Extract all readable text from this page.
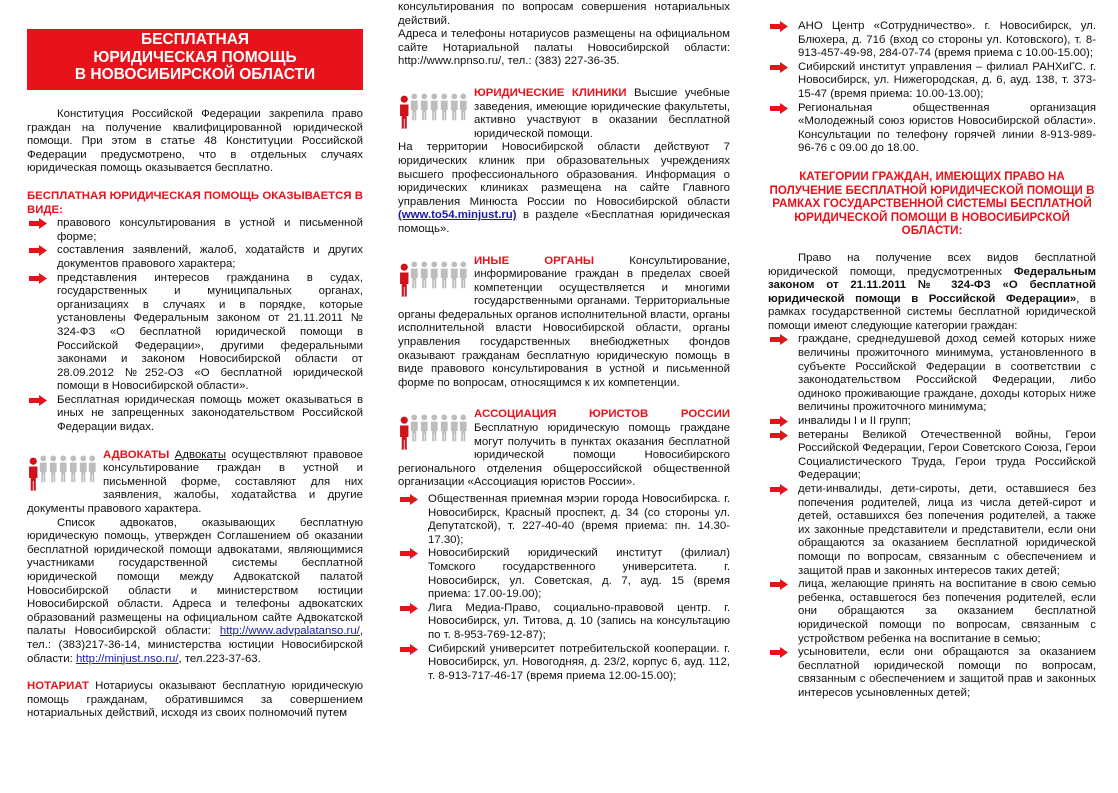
БЕСПЛАТНАЯ
ЮРИДИЧЕСКАЯ ПОМОЩЬ
В НОВОСИБИРСКОЙ ОБЛАСТИ

Конституция Российской Федерации закрепила право граждан на получение квалифицированной юридической помощи. При этом в статье 48 Конституции Российской Федерации предусмотрено, что в отдельных случаях юридическая помощь оказывается бесплатно.

БЕСПЛАТНАЯ ЮРИДИЧЕСКАЯ ПОМОЩЬ ОКАЗЫВАЕТСЯ В ВИДЕ:

правового консультирования в устной и письменной форме;
составления заявлений, жалоб, ходатайств и других документов правового характера;
представления интересов гражданина в судах, государственных и муниципальных органах, организациях в случаях и в порядке, которые установлены Федеральным законом от 21.11.2011 № 324-ФЗ «О бесплатной юридической помощи в Российской Федерации», другими федеральными законами и законом Новосибирской области от 28.09.2012 №252-ОЗ «О бесплатной юридической помощи в Новосибирской области».
Бесплатная юридическая помощь может оказываться в иных не запрещенных законодательством Российской Федерации видах.

АДВОКАТЫ Адвокаты осуществляют правовое консультирование граждан в устной и письменной форме, составляют для них заявления, жалобы, ходатайства и другие документы правового характера.

Список адвокатов, оказывающих бесплатную юридическую помощь, утвержден Соглашением об оказании бесплатной юридической помощи адвокатами, являющимися участниками государственной системы бесплатной юридической помощи между Адвокатской палатой Новосибирской области и министерством юстиции Новосибирской области. Адреса и телефоны адвокатских образований размещены на официальном сайте Адвокатской палаты Новосибирской области: http://www.advpalatanso.ru/, тел.: (383)217-36-14, министерства юстиции Новосибирской области: http://minjust.nso.ru/, тел.223-37-63.

НОТАРИАТ Нотариусы оказывают бесплатную юридическую помощь гражданам, обратившимся за совершением нотариальных действий, исходя из своих полномочий путем

консультирования по вопросам совершения нотариальных действий.

Адреса и телефоны нотариусов размещены на официальном сайте Нотариальной палаты Новосибирской области: http://www.npnso.ru/, тел.: (383) 227-36-35.

ЮРИДИЧЕСКИЕ КЛИНИКИ Высшие учебные заведения, имеющие юридические факультеты, активно участвуют в оказании бесплатной юридической помощи.

На территории Новосибирской области действуют 7 юридических клиник при образовательных учреждениях высшего профессионального образования. Информация о юридических клиниках размещена на сайте Главного управления Минюста России по Новосибирской области (www.to54.minjust.ru) в разделе «Бесплатная юридическая помощь».

ИНЫЕ ОРГАНЫ	Консультирование, информирование граждан в пределах своей компетенции осуществляется и многими государственными органами. Территориальные органы федеральных органов исполнительной власти, органы исполнительной власти Новосибирской области, органы управления государственных внебюджетных фондов оказывают гражданам бесплатную юридическую помощь в виде правового консультирования в устной и письменной форме по вопросам, относящимся к их компетенции.

АССОЦИАЦИЯ ЮРИСТОВ РОССИИ Бесплатную юридическую помощь граждане могут получить в пунктах оказания бесплатной юридической помощи Новосибирского регионального отделения общероссийской общественной организации «Ассоциация юристов России».

Общественная приемная мэрии города Новосибирска. г. Новосибирск, Красный проспект, д. 34 (со стороны ул. Депутатской), т. 227-40-40 (время приема: пн. 14.30-17.30);
Новосибирский юридический институт (филиал) Томского государственного университета. г. Новосибирск, ул. Советская, д. 7, ауд. 15 (время приема: 17.00-19.00);
Лига Медиа-Право, социально-правовой центр. г. Новосибирск, ул. Титова, д. 10 (запись на консультацию по т. 8-953-769-12-87);
Сибирский университет потребительской кооперации. г. Новосибирск, ул. Новогодняя, д. 23/2, корпус 6, ауд. 112, т. 8-913-717-46-17 (время приема 12.00-15.00);
АНО Центр «Сотрудничество». г. Новосибирск, ул. Блюхера, д. 71б (вход со стороны ул. Котовского), т. 8-913-457-49-98, 284-07-74 (время приема с 10.00-15.00);
Сибирский институт управления – филиал РАНХиГС. г. Новосибирск, ул. Нижегородская, д. 6, ауд. 138, т. 373-15-47 (время приема: 10.00-13.00);
Региональная общественная организация «Молодежный союз юристов Новосибирской области». Консультации по телефону горячей линии 8-913-989-96-76 с 09.00 до 18.00.
КАТЕГОРИИ ГРАЖДАН, ИМЕЮЩИХ ПРАВО НА ПОЛУЧЕНИЕ БЕСПЛАТНОЙ ЮРИДИЧЕСКОЙ ПОМОЩИ В РАМКАХ ГОСУДАРСТВЕННОЙ СИСТЕМЫ БЕСПЛАТНОЙ ЮРИДИЧЕСКОЙ ПОМОЩИ В НОВОСИБИРСКОЙ ОБЛАСТИ:

Право на получение всех видов бесплатной юридической помощи, предусмотренных Федеральным законом от 21.11.2011 № 324-ФЗ «О бесплатной юридической помощи в Российской Федерации», в рамках государственной системы бесплатной юридической помощи имеют следующие категории граждан:

граждане, среднедушевой доход семей которых ниже величины прожиточного минимума, установленного в субъекте Российской Федерации в соответствии с законодательством Российской Федерации, либо одиноко проживающие граждане, доходы которых ниже величины прожиточного минимума;
инвалиды I и II групп;
ветераны Великой Отечественной войны, Герои Российской Федерации, Герои Советского Союза, Герои Социалистического Труда, Герои труда Российской Федерации;
дети-инвалиды, дети-сироты, дети, оставшиеся без попечения родителей, лица из числа детей-сирот и детей, оставшихся без попечения родителей, а также их законные представители и представители, если они обращаются за оказанием бесплатной юридической помощи по вопросам, связанным с обеспечением и защитой прав и законных интересов таких детей;
лица, желающие принять на воспитание в свою семью ребенка, оставшегося без попечения родителей, если они обращаются за оказанием бесплатной юридической помощи по вопросам, связанным с устройством ребенка на воспитание в семью;
усыновители, если они обращаются за оказанием бесплатной юридической помощи по вопросам, связанным с обеспечением и защитой прав и законных интересов усыновленных детей;
